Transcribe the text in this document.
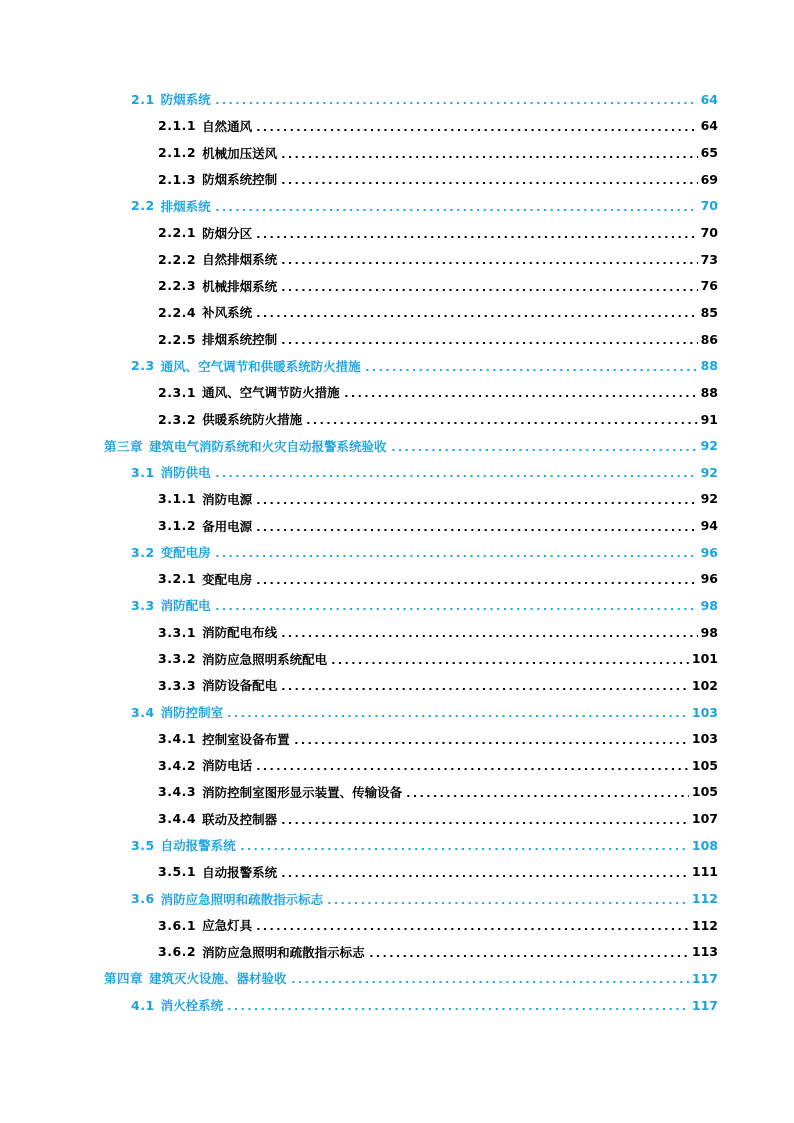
2.1 防烟系统	64
2.1.1 自然通风	64
2.1.2 机械加压送风	65
2.1.3 防烟系统控制	69
2.2 排烟系统	70
2.2.1 防烟分区	70
2.2.2 自然排烟系统	73
2.2.3 机械排烟系统	76
2.2.4 补风系统	85
2.2.5 排烟系统控制	86
2.3 通风、空气调节和供暖系统防火措施	88
2.3.1 通风、空气调节防火措施	88
2.3.2 供暖系统防火措施	91
第三章 建筑电气消防系统和火灾自动报警系统验收	92
3.1 消防供电	92
3.1.1 消防电源	92
3.1.2 备用电源	94
3.2 变配电房	96
3.2.1 变配电房	96
3.3 消防配电	98
3.3.1 消防配电布线	98
3.3.2 消防应急照明系统配电	101
3.3.3 消防设备配电	102
3.4 消防控制室	103
3.4.1 控制室设备布置	103
3.4.2 消防电话	105
3.4.3 消防控制室图形显示装置、传输设备	105
3.4.4 联动及控制器	107
3.5 自动报警系统	108
3.5.1 自动报警系统	111
3.6 消防应急照明和疏散指示标志	112
3.6.1 应急灯具	112
3.6.2 消防应急照明和疏散指示标志	113
第四章 建筑灭火设施、器材验收	117
4.1 消火栓系统	117
